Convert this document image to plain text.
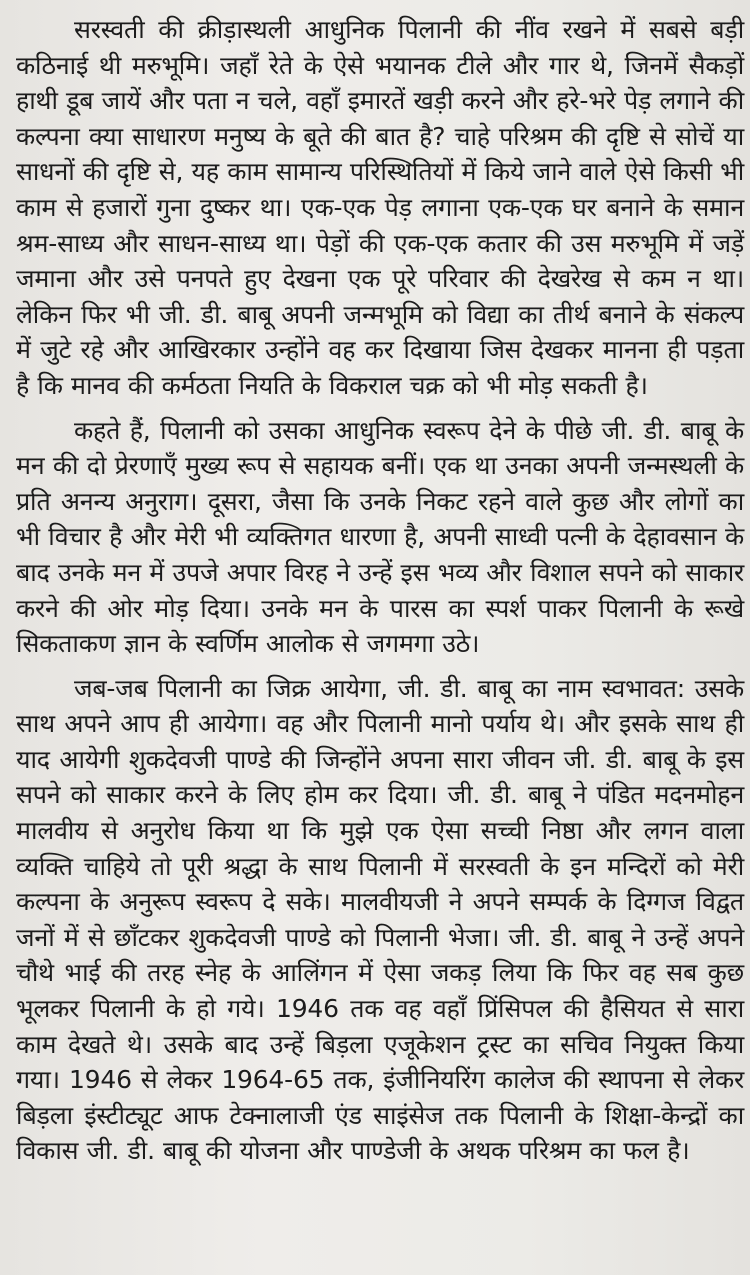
सरस्वती की क्रीड़ास्थली आधुनिक पिलानी की नींव रखने में सबसे बड़ी कठिनाई थी मरुभूमि। जहाँ रेते के ऐसे भयानक टीले और गार थे, जिनमें सैकड़ों हाथी डूब जायें और पता न चले, वहाँ इमारतें खड़ी करने और हरे-भरे पेड़ लगाने की कल्पना क्या साधारण मनुष्य के बूते की बात है? चाहे परिश्रम की दृष्टि से सोचें या साधनों की दृष्टि से, यह काम सामान्य परिस्थितियों में किये जाने वाले ऐसे किसी भी काम से हजारों गुना दुष्कर था। एक-एक पेड़ लगाना एक-एक घर बनाने के समान श्रम-साध्य और साधन-साध्य था। पेड़ों की एक-एक कतार की उस मरुभूमि में जड़ें जमाना और उसे पनपते हुए देखना एक पूरे परिवार की देखरेख से कम न था। लेकिन फिर भी जी. डी. बाबू अपनी जन्मभूमि को विद्या का तीर्थ बनाने के संकल्प में जुटे रहे और आखिरकार उन्होंने वह कर दिखाया जिस देखकर मानना ही पड़ता है कि मानव की कर्मठता नियति के विकराल चक्र को भी मोड़ सकती है।

कहते हैं, पिलानी को उसका आधुनिक स्वरूप देने के पीछे जी. डी. बाबू के मन की दो प्रेरणाएँ मुख्य रूप से सहायक बनीं। एक था उनका अपनी जन्मस्थली के प्रति अनन्य अनुराग। दूसरा, जैसा कि उनके निकट रहने वाले कुछ और लोगों का भी विचार है और मेरी भी व्यक्तिगत धारणा है, अपनी साध्वी पत्नी के देहावसान के बाद उनके मन में उपजे अपार विरह ने उन्हें इस भव्य और विशाल सपने को साकार करने की ओर मोड़ दिया। उनके मन के पारस का स्पर्श पाकर पिलानी के रूखे सिकताकण ज्ञान के स्वर्णिम आलोक से जगमगा उठे।

जब-जब पिलानी का जिक्र आयेगा, जी. डी. बाबू का नाम स्वभावत: उसके साथ अपने आप ही आयेगा। वह और पिलानी मानो पर्याय थे। और इसके साथ ही याद आयेगी शुकदेवजी पाण्डे की जिन्होंने अपना सारा जीवन जी. डी. बाबू के इस सपने को साकार करने के लिए होम कर दिया। जी. डी. बाबू ने पंडित मदनमोहन मालवीय से अनुरोध किया था कि मुझे एक ऐसा सच्ची निष्ठा और लगन वाला व्यक्ति चाहिये तो पूरी श्रद्धा के साथ पिलानी में सरस्वती के इन मन्दिरों को मेरी कल्पना के अनुरूप स्वरूप दे सके। मालवीयजी ने अपने सम्पर्क के दिग्गज विद्वत जनों में से छाँटकर शुकदेवजी पाण्डे को पिलानी भेजा। जी. डी. बाबू ने उन्हें अपने चौथे भाई की तरह स्नेह के आलिंगन में ऐसा जकड़ लिया कि फिर वह सब कुछ भूलकर पिलानी के हो गये। 1946 तक वह वहाँ प्रिंसिपल की हैसियत से सारा काम देखते थे। उसके बाद उन्हें बिड़ला एजूकेशन ट्रस्ट का सचिव नियुक्त किया गया। 1946 से लेकर 1964-65 तक, इंजीनियरिंग कालेज की स्थापना से लेकर बिड़ला इंस्टीट्यूट आफ टेक्नालाजी एंड साइंसेज तक पिलानी के शिक्षा-केन्द्रों का विकास जी. डी. बाबू की योजना और पाण्डेजी के अथक परिश्रम का फल है।
